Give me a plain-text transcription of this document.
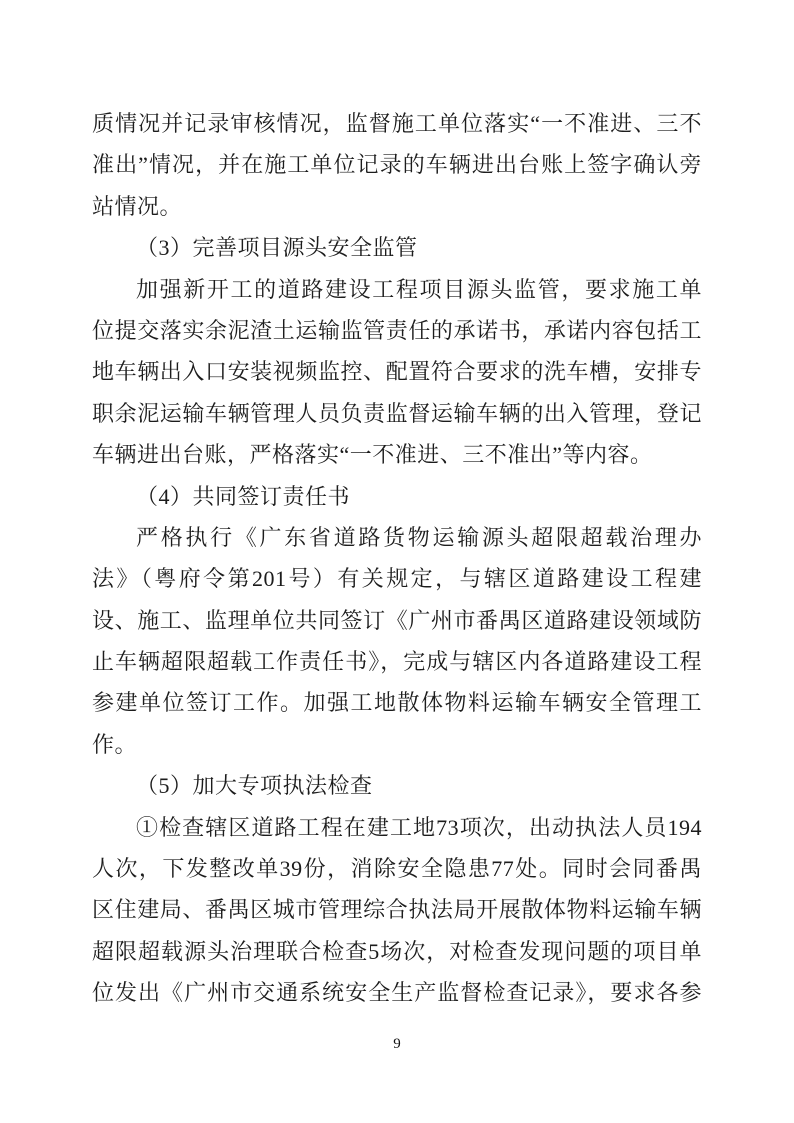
质情况并记录审核情况，监督施工单位落实“一不准进、三不
准出”情况，并在施工单位记录的车辆进出台账上签字确认旁
站情况。
（3）完善项目源头安全监管
加强新开工的道路建设工程项目源头监管，要求施工单
位提交落实余泥渣土运输监管责任的承诺书，承诺内容包括工
地车辆出入口安装视频监控、配置符合要求的洗车槽，安排专
职余泥运输车辆管理人员负责监督运输车辆的出入管理，登记
车辆进出台账，严格落实“一不准进、三不准出”等内容。
（4）共同签订责任书
严格执行《广东省道路货物运输源头超限超载治理办
法》（粤府令第201号）有关规定，与辖区道路建设工程建
设、施工、监理单位共同签订《广州市番禺区道路建设领域防
止车辆超限超载工作责任书》，完成与辖区内各道路建设工程
参建单位签订工作。加强工地散体物料运输车辆安全管理工
作。
（5）加大专项执法检查
①检查辖区道路工程在建工地73项次，出动执法人员194
人次，下发整改单39份，消除安全隐患77处。同时会同番禺
区住建局、番禺区城市管理综合执法局开展散体物料运输车辆
超限超载源头治理联合检查5场次，对检查发现问题的项目单
位发出《广州市交通系统安全生产监督检查记录》，要求各参
9
